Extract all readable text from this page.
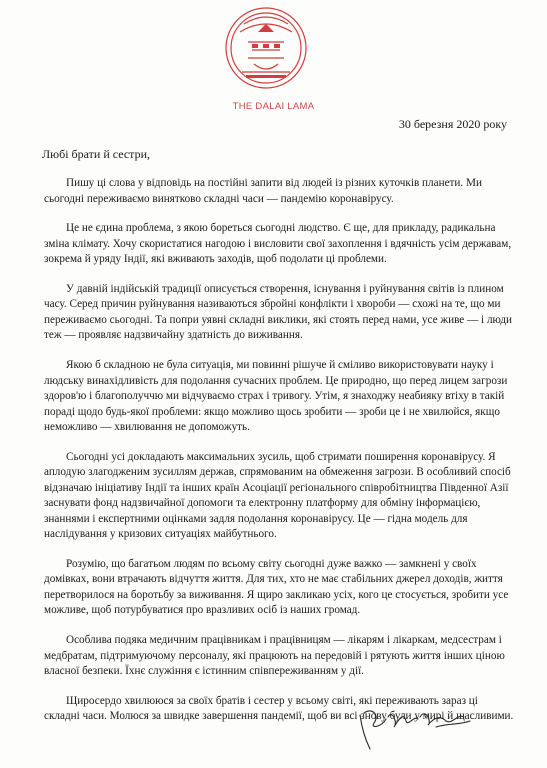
THE DALAI LAMA
30 березня 2020 року
Любі брати й сестри,

Пишу ці слова у відповідь на постійні запити від людей із різних куточків планети. Ми сьогодні переживаємо винятково складні часи — пандемію коронавірусу.

Це не єдина проблема, з якою бореться сьогодні людство. Є ще, для прикладу, радикальна зміна клімату. Хочу скористатися нагодою і висловити свої захоплення і вдячність усім державам, зокрема й уряду Індії, які вживають заходів, щоб подолати ці проблеми.

У давній індійській традиції описується створення, існування і руйнування світів із плином часу. Серед причин руйнування називаються збройні конфлікти і хвороби — схожі на те, що ми переживаємо сьогодні. Та попри уявні складні виклики, які стоять перед нами, усе живе — і люди теж — проявляє надзвичайну здатність до виживання.

Якою б складною не була ситуація, ми повинні рішуче й сміливо використовувати науку і людську винахідливість для подолання сучасних проблем. Це природно, що перед лицем загрози здоров'ю і благополуччю ми відчуваємо страх і тривогу. Утім, я знаходжу неабияку втіху в такій пораді щодо будь-якої проблеми: якщо можливо щось зробити — зроби це і не хвилюйся, якщо неможливо — хвилювання не допоможуть.

Сьогодні усі докладають максимальних зусиль, щоб стримати поширення коронавірусу. Я аплодую злагодженим зусиллям держав, спрямованим на обмеження загрози. В особливий спосіб відзначаю ініціативу Індії та інших країн Асоціації регіонального співробітництва Південної Азії заснувати фонд надзвичайної допомоги та електронну платформу для обміну інформацією, знаннями і експертними оцінками задля подолання коронавірусу. Це — гідна модель для наслідування у кризових ситуаціях майбутнього.

Розумію, що багатьом людям по всьому світу сьогодні дуже важко — замкнені у своїх домівках, вони втрачають відчуття життя. Для тих, хто не має стабільних джерел доходів, життя перетворилося на боротьбу за виживання. Я щиро закликаю усіх, кого це стосується, зробити усе можливе, щоб потурбуватися про вразливих осіб із наших громад.

Особлива подяка медичним працівникам і працівницям — лікарям і лікаркам, медсестрам і медбратам, підтримуючому персоналу, які працюють на передовій і рятують життя інших ціною власної безпеки. Їхнє служіння є істинним співпереживанням у дії.

Щиросердо хвилююся за своїх братів і сестер у всьому світі, які переживають зараз ці складні часи. Молюся за швидке завершення пандемії, щоб ви всі знову були у мирі й щасливими.
